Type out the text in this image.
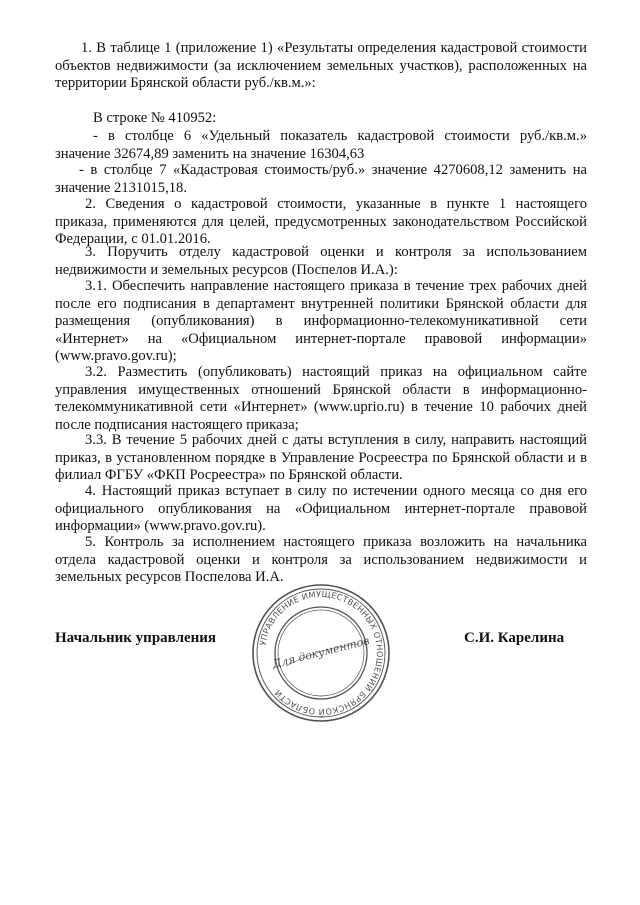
1. В таблице 1 (приложение 1) «Результаты определения кадастровой стоимости объектов недвижимости (за исключением земельных участков), расположенных на территории Брянской области руб./кв.м.»:

В строке № 410952:

- в столбце 6 «Удельный показатель кадастровой стоимости руб./кв.м.» значение 32674,89 заменить на значение 16304,63

- в столбце 7 «Кадастровая стоимость/руб.» значение 4270608,12 заменить на значение 2131015,18.

2. Сведения о кадастровой стоимости, указанные в пункте 1 настоящего приказа, применяются для целей, предусмотренных законодательством Российской Федерации, с 01.01.2016.

3. Поручить отделу кадастровой оценки и контроля за использованием недвижимости и земельных ресурсов (Поспелов И.А.):

3.1. Обеспечить направление настоящего приказа в течение трех рабочих дней после его подписания в департамент внутренней политики Брянской области для размещения (опубликования) в информационно-телекомуникативной сети «Интернет» на «Официальном интернет-портале правовой информации» (www.pravo.gov.ru);

3.2. Разместить (опубликовать) настоящий приказ на официальном сайте управления имущественных отношений Брянской области в информационно-телекоммуникативной сети «Интернет» (www.uprio.ru) в течение 10 рабочих дней после подписания настоящего приказа;

3.3. В течение 5 рабочих дней с даты вступления в силу, направить настоящий приказ, в установленном порядке в Управление Росреестра по Брянской области и в филиал ФГБУ «ФКП Росреестра» по Брянской области.

4. Настоящий приказ вступает в силу по истечении одного месяца со дня его официального опубликования на «Официальном интернет-портале правовой информации» (www.pravo.gov.ru).

5. Контроль за исполнением настоящего приказа возложить на начальника отдела кадастровой оценки и контроля за использованием недвижимости и земельных ресурсов Поспелова И.А.

Начальник управления	С.И. Карелина
УПРАВЛЕНИЕ ИМУЩЕСТВЕННЫХ ОТНОШЕНИЙ БРЯНСКОЙ ОБЛАСТИ
Для документов
